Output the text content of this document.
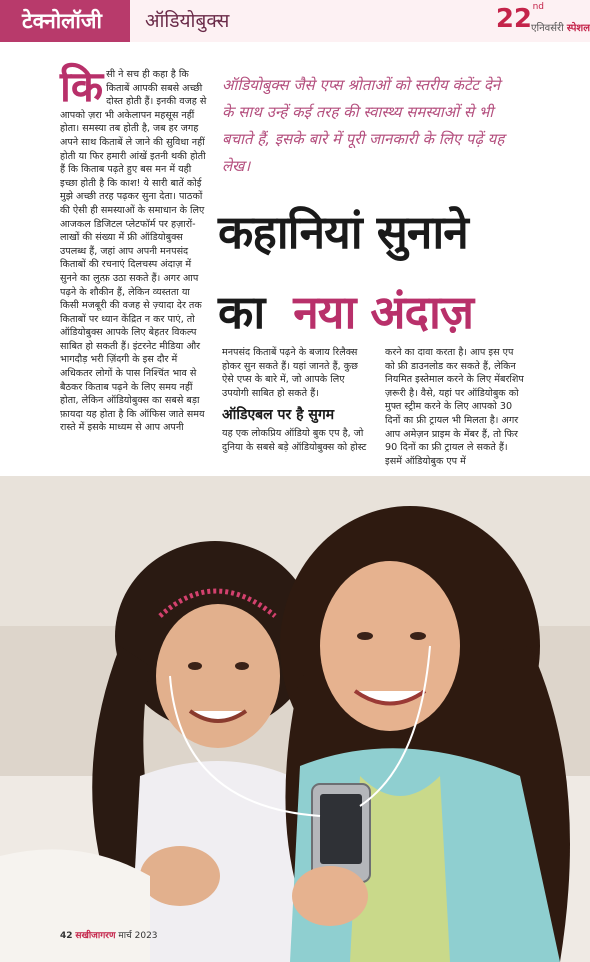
टेक्नोलॉजी	ऑडियोबुक्स	22 nd
एनिवर्सरी स्पेशल
कि सी ने सच ही कहा है कि किताबें आपकी सबसे अच्छी दोस्त होती हैं। इनकी वजह से आपको ज़रा भी अकेलापन महसूस नहीं होता। समस्या तब होती है, जब हर जगह अपने साथ किताबें ले जाने की सुविधा नहीं होती या फिर हमारी आंखें इतनी थकी होती हैं कि किताब पढ़ते हुए बस मन में यही इच्छा होती है कि काश! ये सारी बातें कोई मुझे अच्छी तरह पढ़कर सुना देता। पाठकों की ऐसी ही समस्याओं के समाधान के लिए आजकल डिजिटल प्लेटफॉर्म पर हज़ारों-लाखों की संख्या में फ्री ऑडियोबुक्स उपलब्ध हैं, जहां आप अपनी मनपसंद किताबों की रचनाएं दिलचस्प अंदाज़ में सुनने का लुत्फ़ उठा सकते हैं। अगर आप पढ़ने के शौकीन हैं, लेकिन व्यस्तता या किसी मजबूरी की वजह से ज़्यादा देर तक किताबों पर ध्यान केंद्रित न कर पाएं, तो ऑडियोबुक्स आपके लिए बेहतर विकल्प साबित हो सकती हैं। इंटरनेट मीडिया और भागदौड़ भरी ज़िंदगी के इस दौर में अधिकतर लोगों के पास निश्चिंत भाव से बैठकर किताब पढ़ने के लिए समय नहीं होता, लेकिन ऑडियोबुक्स का सबसे बड़ा फ़ायदा यह होता है कि ऑफिस जाते समय रास्ते में इसके माध्यम से आप अपनी

ऑडियोबुक्स जैसे एप्स श्रोताओं को स्तरीय कंटेंट देने के साथ उन्हें कई तरह की स्वास्थ्य समस्याओं से भी बचाते हैं, इसके बारे में पूरी जानकारी के लिए पढ़ें यह लेख।
कहानियां सुनाने
का नया अंदाज़

मनपसंद किताबें पढ़ने के बजाय रिलैक्स होकर सुन सकते हैं। यहां जानते हैं, कुछ ऐसे एप्स के बारे में, जो आपके लिए उपयोगी साबित हो सकते हैं।

ऑडिएबल पर है सुगम

यह एक लोकप्रिय ऑडियो बुक एप है, जो दुनिया के सबसे बड़े ऑडियोबुक्स को होस्ट

करने का दावा करता है। आप इस एप को फ्री डाउनलोड कर सकते हैं, लेकिन नियमित इस्तेमाल करने के लिए मेंबरशिप ज़रूरी है। वैसे, यहां पर ऑडियोबुक को मुफ्त स्ट्रीम करने के लिए आपको 30 दिनों का फ्री ट्रायल भी मिलता है। अगर आप अमेज़न प्राइम के मेंबर हैं, तो फिर 90 दिनों का फ्री ट्रायल ले सकते हैं। इसमें ऑडियोबुक एप में

42 सखीजागरण मार्च 2023
